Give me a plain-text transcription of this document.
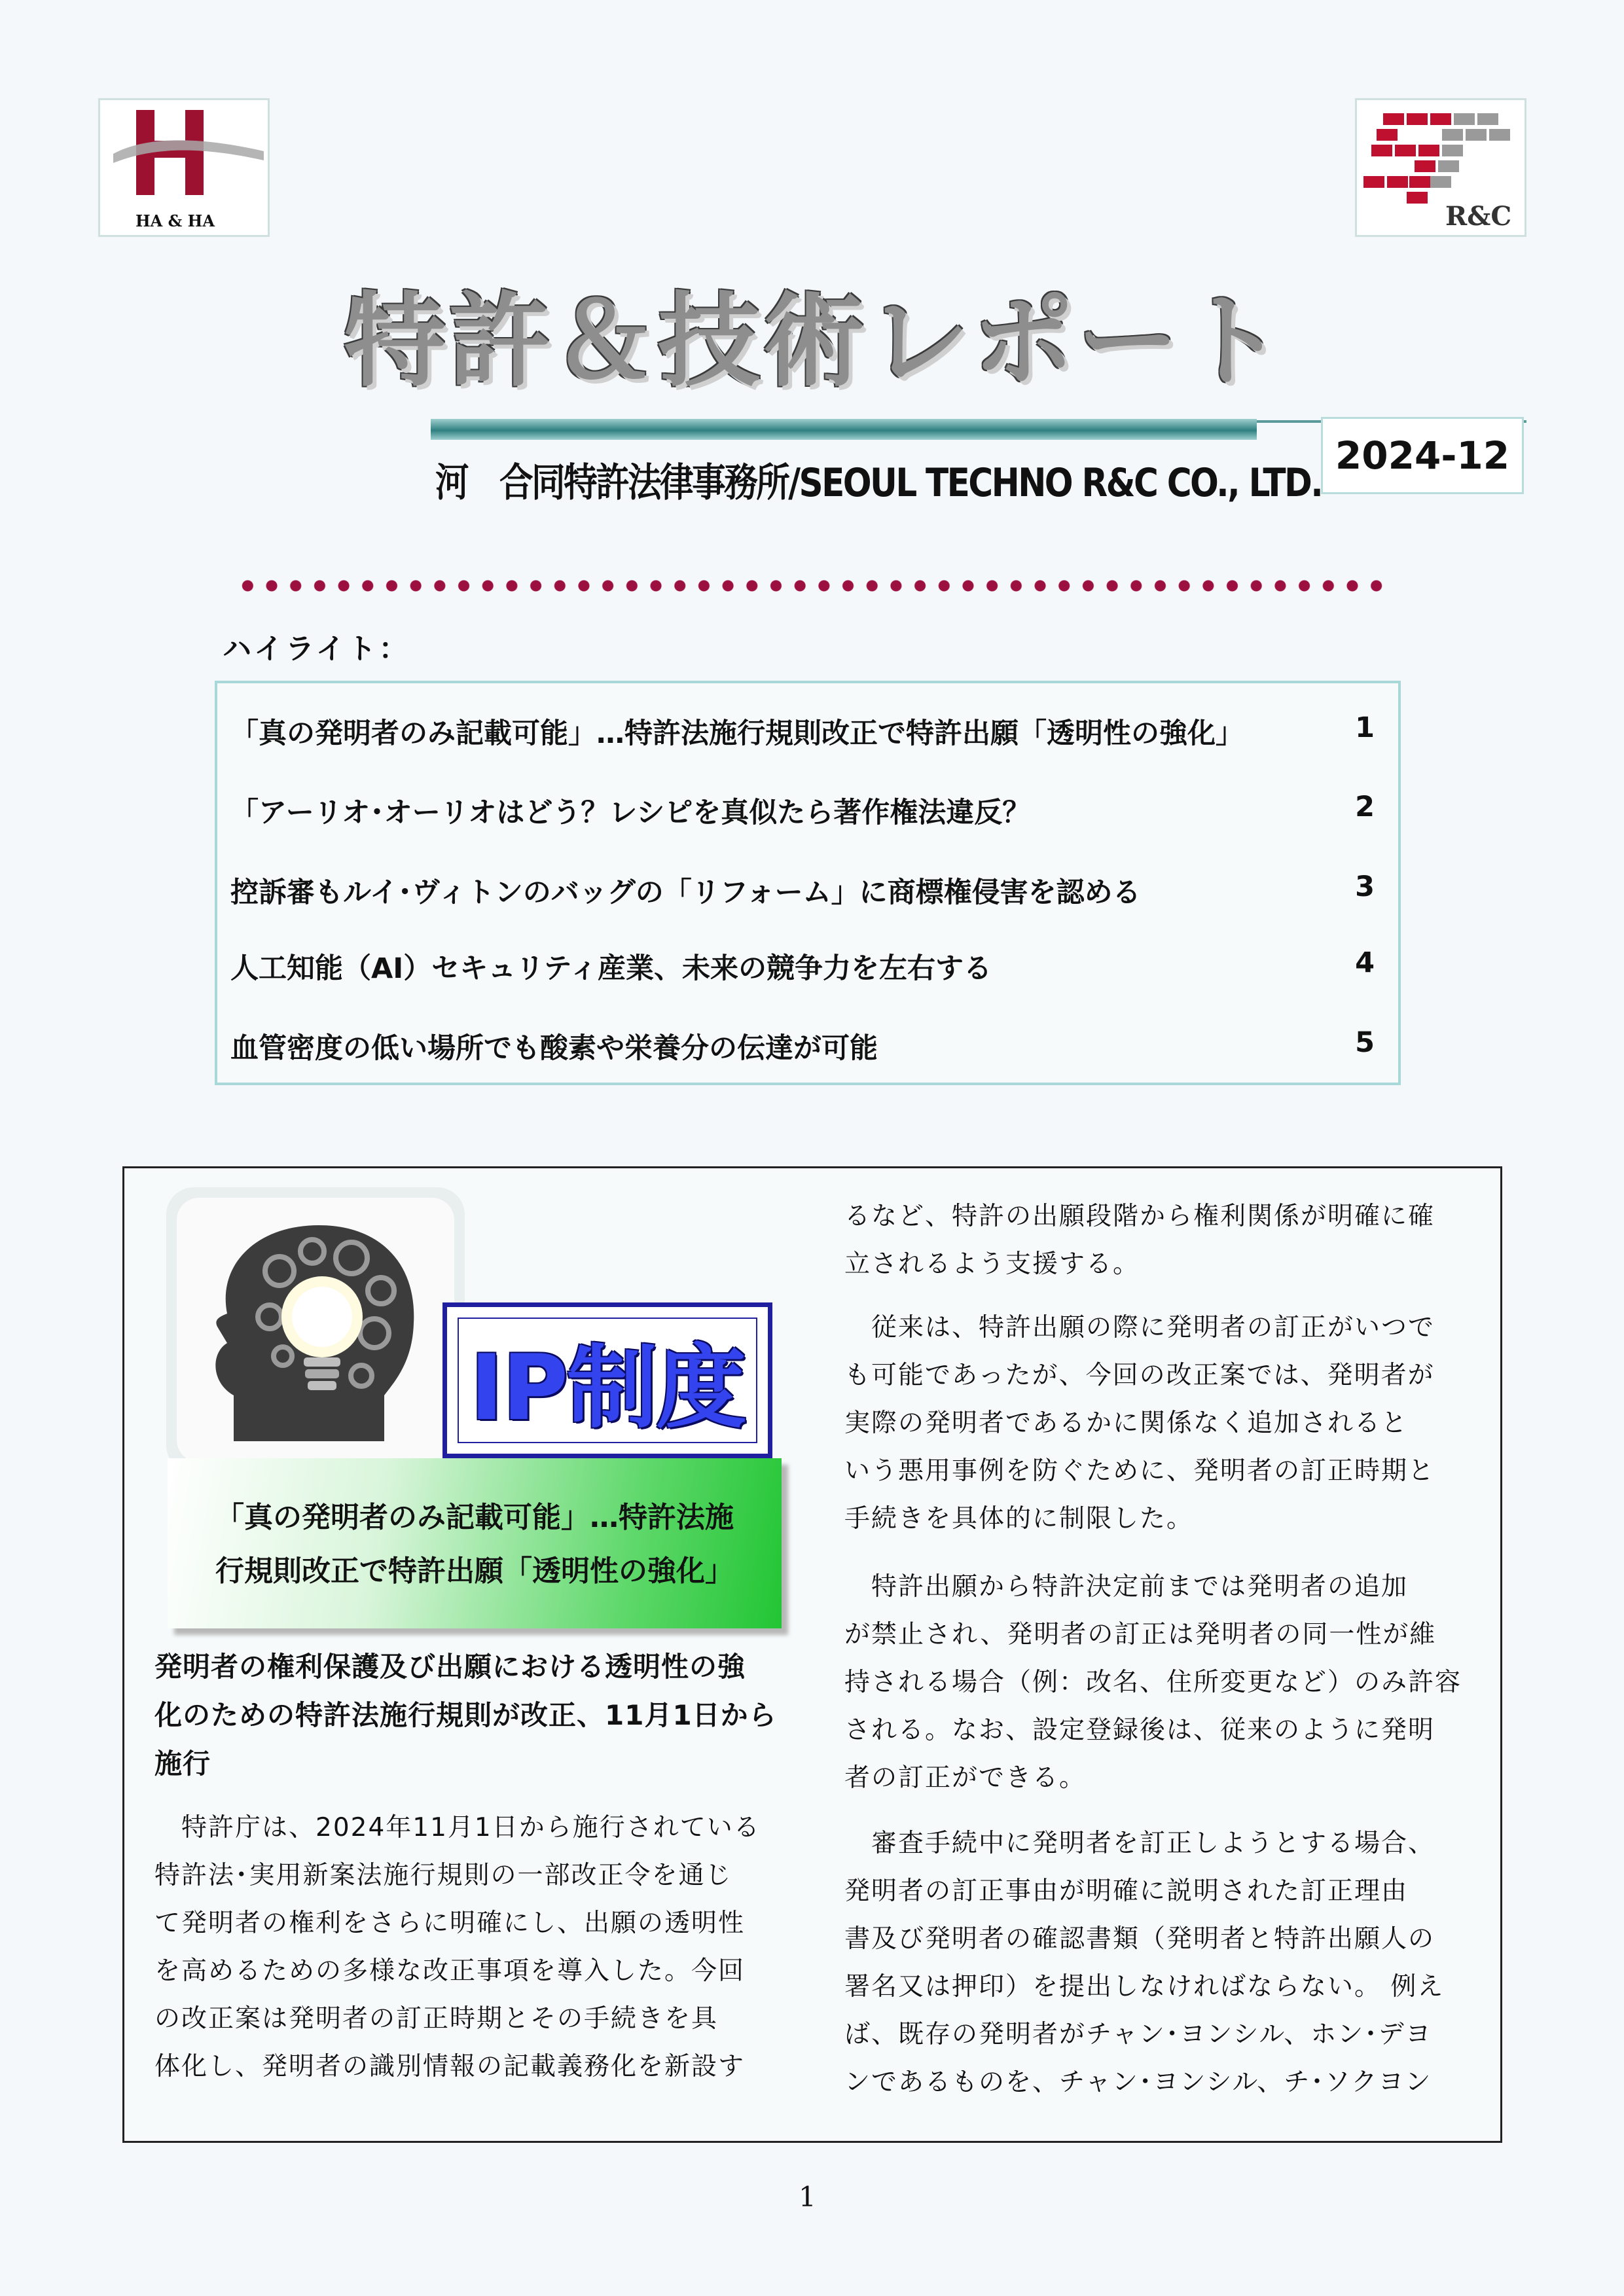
HA & HA	R&C
特許＆技術レポート
2024-12
河　合同特許法律事務所/SEOUL TECHNO R&C CO., LTD.
ハイライト：
「真の発明者のみ記載可能」…特許法施行規則改正で特許出願「透明性の強化」	1
「アーリオ･オーリオはどう？レシピを真似たら著作権法違反？	2
控訴審もルイ･ヴィトンのバッグの「リフォーム」に商標権侵害を認める	3
人工知能（AI）セキュリティ産業、未来の競争力を左右する	4
血管密度の低い場所でも酸素や栄養分の伝達が可能	5
IP制度
「真の発明者のみ記載可能」…特許法施
行規則改正で特許出願「透明性の強化」
発明者の権利保護及び出願における透明性の強
化のための特許法施行規則が改正、11月1日から
施行
　特許庁は、2024年11月1日から施行されている
特許法･実用新案法施行規則の一部改正令を通じ
て発明者の権利をさらに明確にし、出願の透明性
を高めるための多様な改正事項を導入した。今回
の改正案は発明者の訂正時期とその手続きを具
体化し、発明者の識別情報の記載義務化を新設す
るなど、特許の出願段階から権利関係が明確に確
立されるよう支援する。
　従来は、特許出願の際に発明者の訂正がいつで
も可能であったが、今回の改正案では、発明者が
実際の発明者であるかに関係なく追加されると
いう悪用事例を防ぐために、発明者の訂正時期と
手続きを具体的に制限した。
　特許出願から特許決定前までは発明者の追加
が禁止され、発明者の訂正は発明者の同一性が維
持される場合（例：改名、住所変更など）のみ許容
される。なお、設定登録後は、従来のように発明
者の訂正ができる。
　審査手続中に発明者を訂正しようとする場合、
発明者の訂正事由が明確に説明された訂正理由
書及び発明者の確認書類（発明者と特許出願人の
署名又は押印）を提出しなければならない。 例え
ば、既存の発明者がチャン･ヨンシル、ホン･デヨ
ンであるものを、チャン･ヨンシル、チ･ソクヨン
1
